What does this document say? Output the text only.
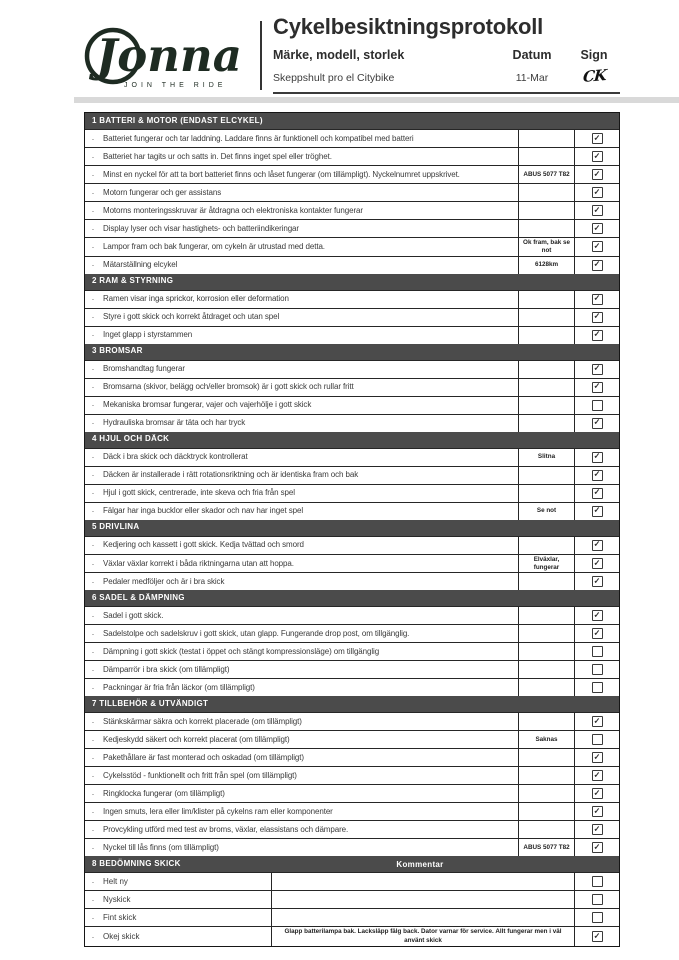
Jonna
JOIN THE RIDE
Cykelbesiktningsprotokoll
Märke, modell, storlek	Datum	Sign
Skeppshult pro el Citybike	11-Mar	CK
1 BATTERI & MOTOR (ENDAST ELCYKEL)
·	Batteriet fungerar och tar laddning. Laddare finns är funktionell och kompatibel med batteri	✓
·	Batteriet har tagits ur och satts in. Det finns inget spel eller tröghet.	✓
·	Minst en nyckel för att ta bort batteriet finns och låset fungerar (om tillämpligt). Nyckelnumret uppskrivet.	ABUS 5077 T82	✓
·	Motorn fungerar och ger assistans	✓
·	Motorns monteringsskruvar är åtdragna och elektroniska kontakter fungerar	✓
·	Display lyser och visar hastighets- och batteriindikeringar	✓
·	Lampor fram och bak fungerar, om cykeln är utrustad med detta.	Ok fram, bak se not	✓
·	Mätarställning elcykel	6128km	✓
2 RAM & STYRNING
·	Ramen visar inga sprickor, korrosion eller deformation	✓
·	Styre i gott skick och korrekt åtdraget och utan spel	✓
·	Inget glapp i styrstammen	✓
3 BROMSAR
·	Bromshandtag fungerar	✓
·	Bromsarna (skivor, belägg och/eller bromsok) är i gott skick och rullar fritt	✓
·	Mekaniska bromsar fungerar, vajer och vajerhölje i gott skick
·	Hydrauliska bromsar är täta och har tryck	✓
4 HJUL OCH DÄCK
·	Däck i bra skick och däcktryck kontrollerat	Slitna	✓
·	Däcken är installerade i rätt rotationsriktning och är identiska fram och bak	✓
·	Hjul i gott skick, centrerade, inte skeva och fria från spel	✓
·	Fälgar har inga bucklor eller skador och nav har inget spel	Se not	✓
5 DRIVLINA
·	Kedjering och kassett i gott skick. Kedja tvättad och smord	✓
·	Växlar växlar korrekt i båda riktningarna utan att hoppa.	Elväxlar, fungerar	✓
·	Pedaler medföljer och är i bra skick	✓
6 SADEL & DÄMPNING
·	Sadel i gott skick.	✓
·	Sadelstolpe och sadelskruv i gott skick, utan glapp. Fungerande drop post, om tillgänglig.	✓
·	Dämpning i gott skick (testat i öppet och stängt kompressionsläge) om tillgänglig
·	Dämparrör i bra skick (om tillämpligt)
·	Packningar är fria från läckor (om tillämpligt)
7 TILLBEHÖR & UTVÄNDIGT
·	Stänkskärmar säkra och korrekt placerade (om tillämpligt)	✓
·	Kedjeskydd säkert och korrekt placerat (om tillämpligt)	Saknas
·	Pakethållare är fast monterad och oskadad (om tillämpligt)	✓
·	Cykelsstöd - funktionellt och fritt från spel (om tillämpligt)	✓
·	Ringklocka fungerar (om tillämpligt)	✓
·	Ingen smuts, lera eller lim/klister på cykelns ram eller komponenter	✓
·	Provcykling utförd med test av broms, växlar, elassistans och dämpare.	✓
·	Nyckel till lås finns (om tillämpligt)	ABUS 5077 T82	✓
8 BEDÖMNING SKICK	Kommentar
·	Helt ny
·	Nyskick
·	Fint skick
·	Okej skick	Glapp batterilampa bak. Lacksläpp fälg back. Dator varnar för service. Allt fungerar men i väl använt skick	✓
